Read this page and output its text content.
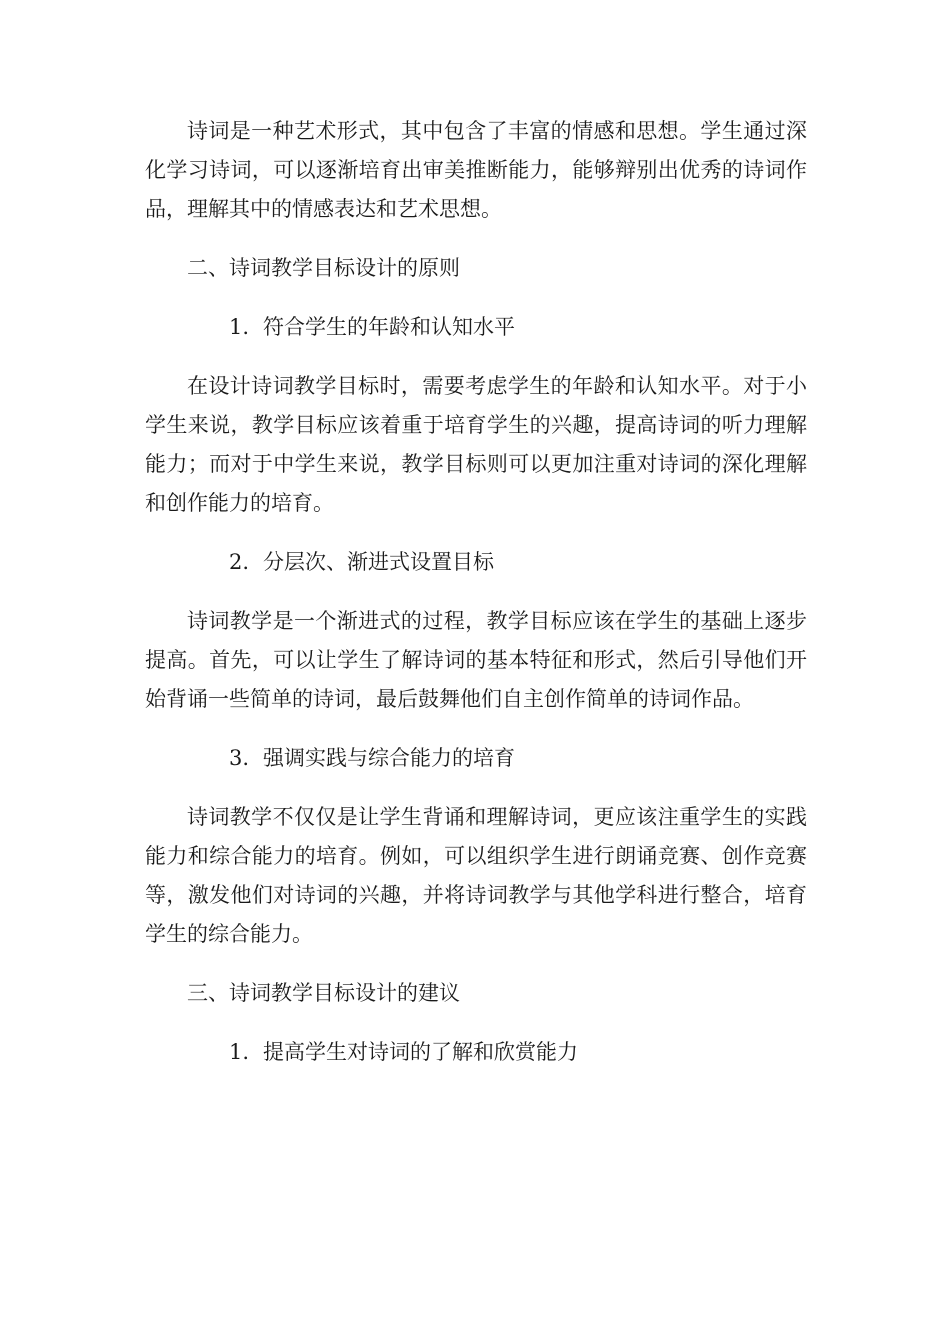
诗词是一种艺术形式，其中包含了丰富的情感和思想。学生通过深化学习诗词，可以逐渐培育出审美推断能力，能够辩别出优秀的诗词作品，理解其中的情感表达和艺术思想。

二、诗词教学目标设计的原则

1. 符合学生的年龄和认知水平

在设计诗词教学目标时，需要考虑学生的年龄和认知水平。对于小学生来说，教学目标应该着重于培育学生的兴趣，提高诗词的听力理解能力；而对于中学生来说，教学目标则可以更加注重对诗词的深化理解和创作能力的培育。

2. 分层次、渐进式设置目标

诗词教学是一个渐进式的过程，教学目标应该在学生的基础上逐步提高。首先，可以让学生了解诗词的基本特征和形式，然后引导他们开始背诵一些简单的诗词，最后鼓舞他们自主创作简单的诗词作品。

3. 强调实践与综合能力的培育

诗词教学不仅仅是让学生背诵和理解诗词，更应该注重学生的实践能力和综合能力的培育。例如，可以组织学生进行朗诵竞赛、创作竞赛等，激发他们对诗词的兴趣，并将诗词教学与其他学科进行整合，培育学生的综合能力。

三、诗词教学目标设计的建议

1. 提高学生对诗词的了解和欣赏能力
